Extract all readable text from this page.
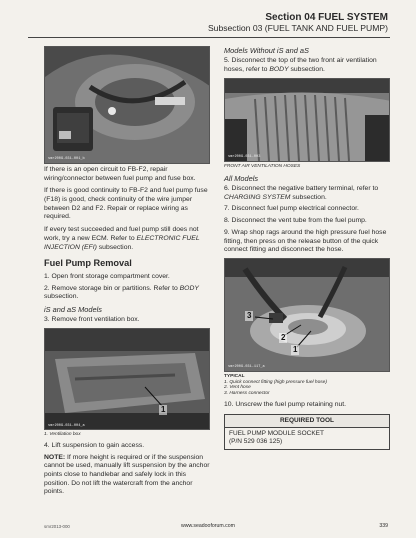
Section 04 FUEL SYSTEM
Subsection 03 (FUEL TANK AND FUEL PUMP)
smr2009-031-001_b

If there is an open circuit to FB-F2, repair wiring/connector between fuel pump and fuse box.

If there is good continuity to FB-F2 and fuel pump fuse (F18) is good, check continuity of the wire jumper between D2 and F2. Repair or replace wiring as required.

If every test succeeded and fuel pump still does not work, try a new ECM. Refer to ELECTRONIC FUEL INJECTION (EFI) subsection.

Fuel Pump Removal
1. Open front storage compartment cover.
2. Remove storage bin or partitions. Refer to BODY subsection.
iS and aS Models
3. Remove front ventilation box.
1
smr2009-031-004_a
1. Ventilation box
4. Lift suspension to gain access.

NOTE: If more height is required or if the suspension cannot be used, manually lift suspension by the anchor points close to handlebar and safely lock in this position. Do not lift the watercraft from the anchor points.

Models Without iS and aS
5. Disconnect the top of the two front air ventilation hoses, refer to BODY subsection.
smr2009-031-003
FRONT AIR VENTILATION HOSES
All Models
6. Disconnect the negative battery terminal, refer to CHARGING SYSTEM subsection.
7. Disconnect fuel pump electrical connector.
8. Disconnect the vent tube from the fuel pump.
9. Wrap shop rags around the high pressure fuel hose fitting, then press on the release button of the quick connect fitting and disconnect the hose.
3
2
1
smr2009-031-117_a
TYPICAL
1. Quick connect fitting (high pressure fuel hose)
2. Vent hose
3. Harness connector
10. Unscrew the fuel pump retaining nut.
REQUIRED TOOL
FUEL PUMP MODULE SOCKET
(P/N 529 036 125)
smr2013-000	www.seadooforum.com	339
